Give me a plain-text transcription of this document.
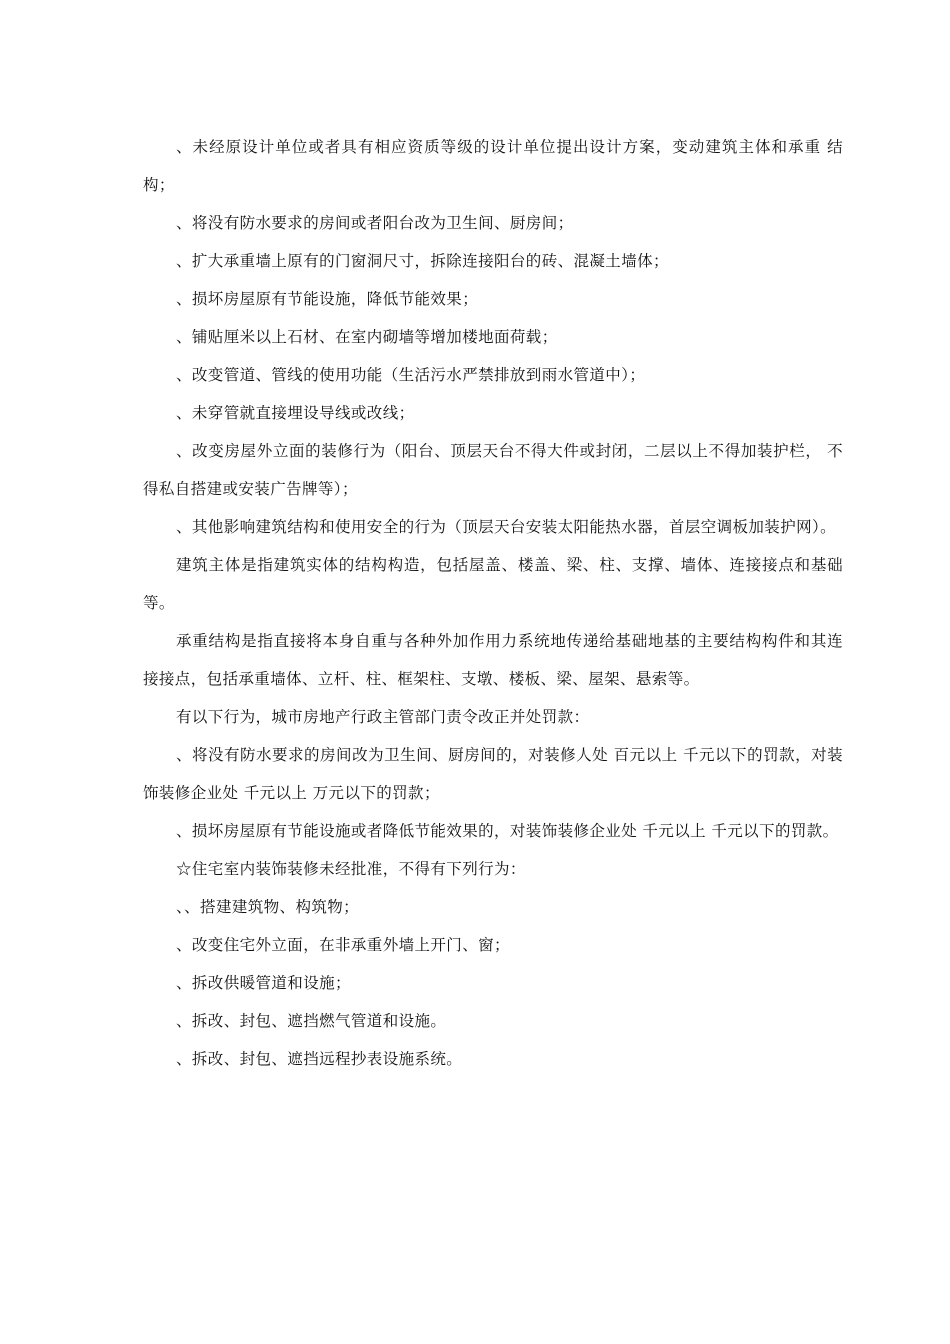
、未经原设计单位或者具有相应资质等级的设计单位提出设计方案，变动建筑主体和承重 结构；

、将没有防水要求的房间或者阳台改为卫生间、厨房间；

、扩大承重墙上原有的门窗洞尺寸，拆除连接阳台的砖、混凝土墙体；

、损坏房屋原有节能设施，降低节能效果；

、铺贴厘米以上石材、在室内砌墙等增加楼地面荷载；

、改变管道、管线的使用功能（生活污水严禁排放到雨水管道中）；

、未穿管就直接埋设导线或改线；

、改变房屋外立面的装修行为（阳台、顶层天台不得大件或封闭，二层以上不得加装护栏， 不得私自搭建或安装广告牌等）；

、其他影响建筑结构和使用安全的行为（顶层天台安装太阳能热水器，首层空调板加装护网）。

建筑主体是指建筑实体的结构构造，包括屋盖、楼盖、梁、柱、支撑、墙体、连接接点和基础等。

承重结构是指直接将本身自重与各种外加作用力系统地传递给基础地基的主要结构构件和其连接接点，包括承重墙体、立杆、柱、框架柱、支墩、楼板、梁、屋架、悬索等。

有以下行为，城市房地产行政主管部门责令改正并处罚款：

、将没有防水要求的房间改为卫生间、厨房间的，对装修人处 百元以上 千元以下的罚款，对装饰装修企业处 千元以上 万元以下的罚款；

、损坏房屋原有节能设施或者降低节能效果的，对装饰装修企业处 千元以上 千元以下的罚款。

☆住宅室内装饰装修未经批准，不得有下列行为：

、、搭建建筑物、构筑物；

、改变住宅外立面，在非承重外墙上开门、窗；

、拆改供暖管道和设施；

、拆改、封包、遮挡燃气管道和设施。

、拆改、封包、遮挡远程抄表设施系统。
